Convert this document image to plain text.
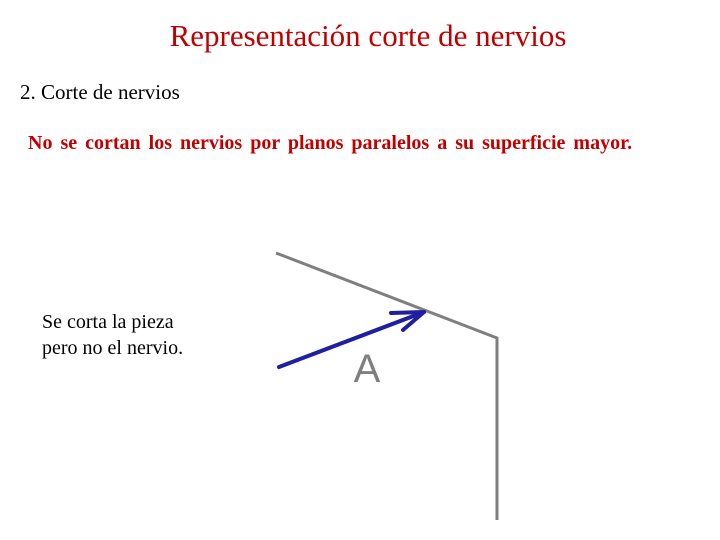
Representación corte de nervios
2. Corte de nervios
No se cortan los nervios por planos paralelos a su superficie mayor.
Se corta la pieza
pero no el nervio.	A
